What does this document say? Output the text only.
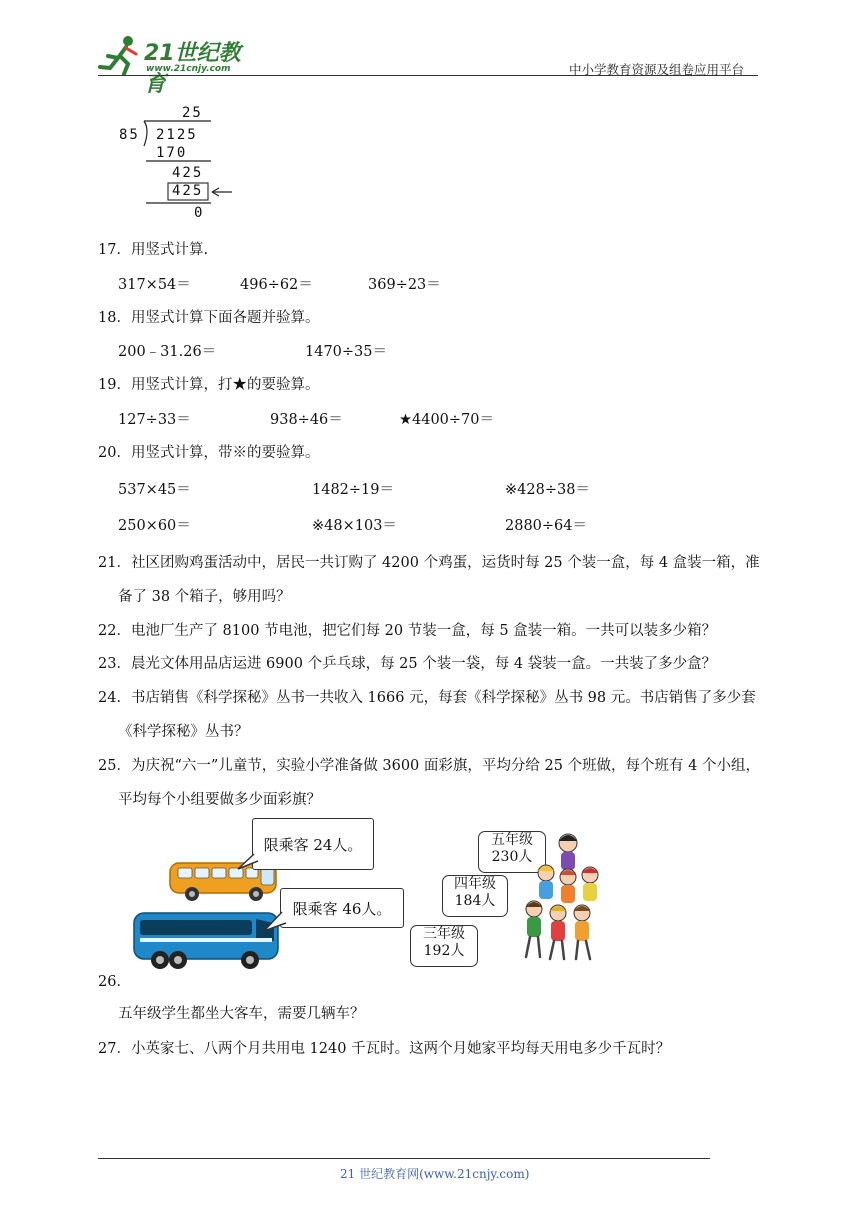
21世纪教育
www.21cnjy.com	中小学教育资源及组卷应用平台
25
85 2125
170
425
425
0
17．用竖式计算.
317×54＝	496÷62＝	369÷23＝
18．用竖式计算下面各题并验算。
200﹣31.26＝	1470÷35＝
19．用竖式计算，打★的要验算。
127÷33＝	938÷46＝	★4400÷70＝
20．用竖式计算，带※的要验算。
537×45＝	1482÷19＝	※428÷38＝
250×60＝	※48×103＝	2880÷64＝
21．社区团购鸡蛋活动中，居民一共订购了 4200 个鸡蛋，运货时每 25 个装一盒，每 4 盒装一箱，准
备了 38 个箱子，够用吗？
22．电池厂生产了 8100 节电池，把它们每 20 节装一盒，每 5 盒装一箱。一共可以装多少箱？
23．晨光文体用品店运进 6900 个乒乓球，每 25 个装一袋，每 4 袋装一盒。一共装了多少盒？
24．书店销售《科学探秘》丛书一共收入 1666 元，每套《科学探秘》丛书 98 元。书店销售了多少套
《科学探秘》丛书？
25．为庆祝“六一”儿童节，实验小学准备做 3600 面彩旗，平均分给 25 个班做，每个班有 4 个小组，
平均每个小组要做多少面彩旗？
限乘客 24人。
限乘客 46人。
五年级
230人
四年级
184人
三年级
192人
26．
五年级学生都坐大客车，需要几辆车？
27．小英家七、八两个月共用电 1240 千瓦时。这两个月她家平均每天用电多少千瓦时？
21 世纪教育网(www.21cnjy.com)
